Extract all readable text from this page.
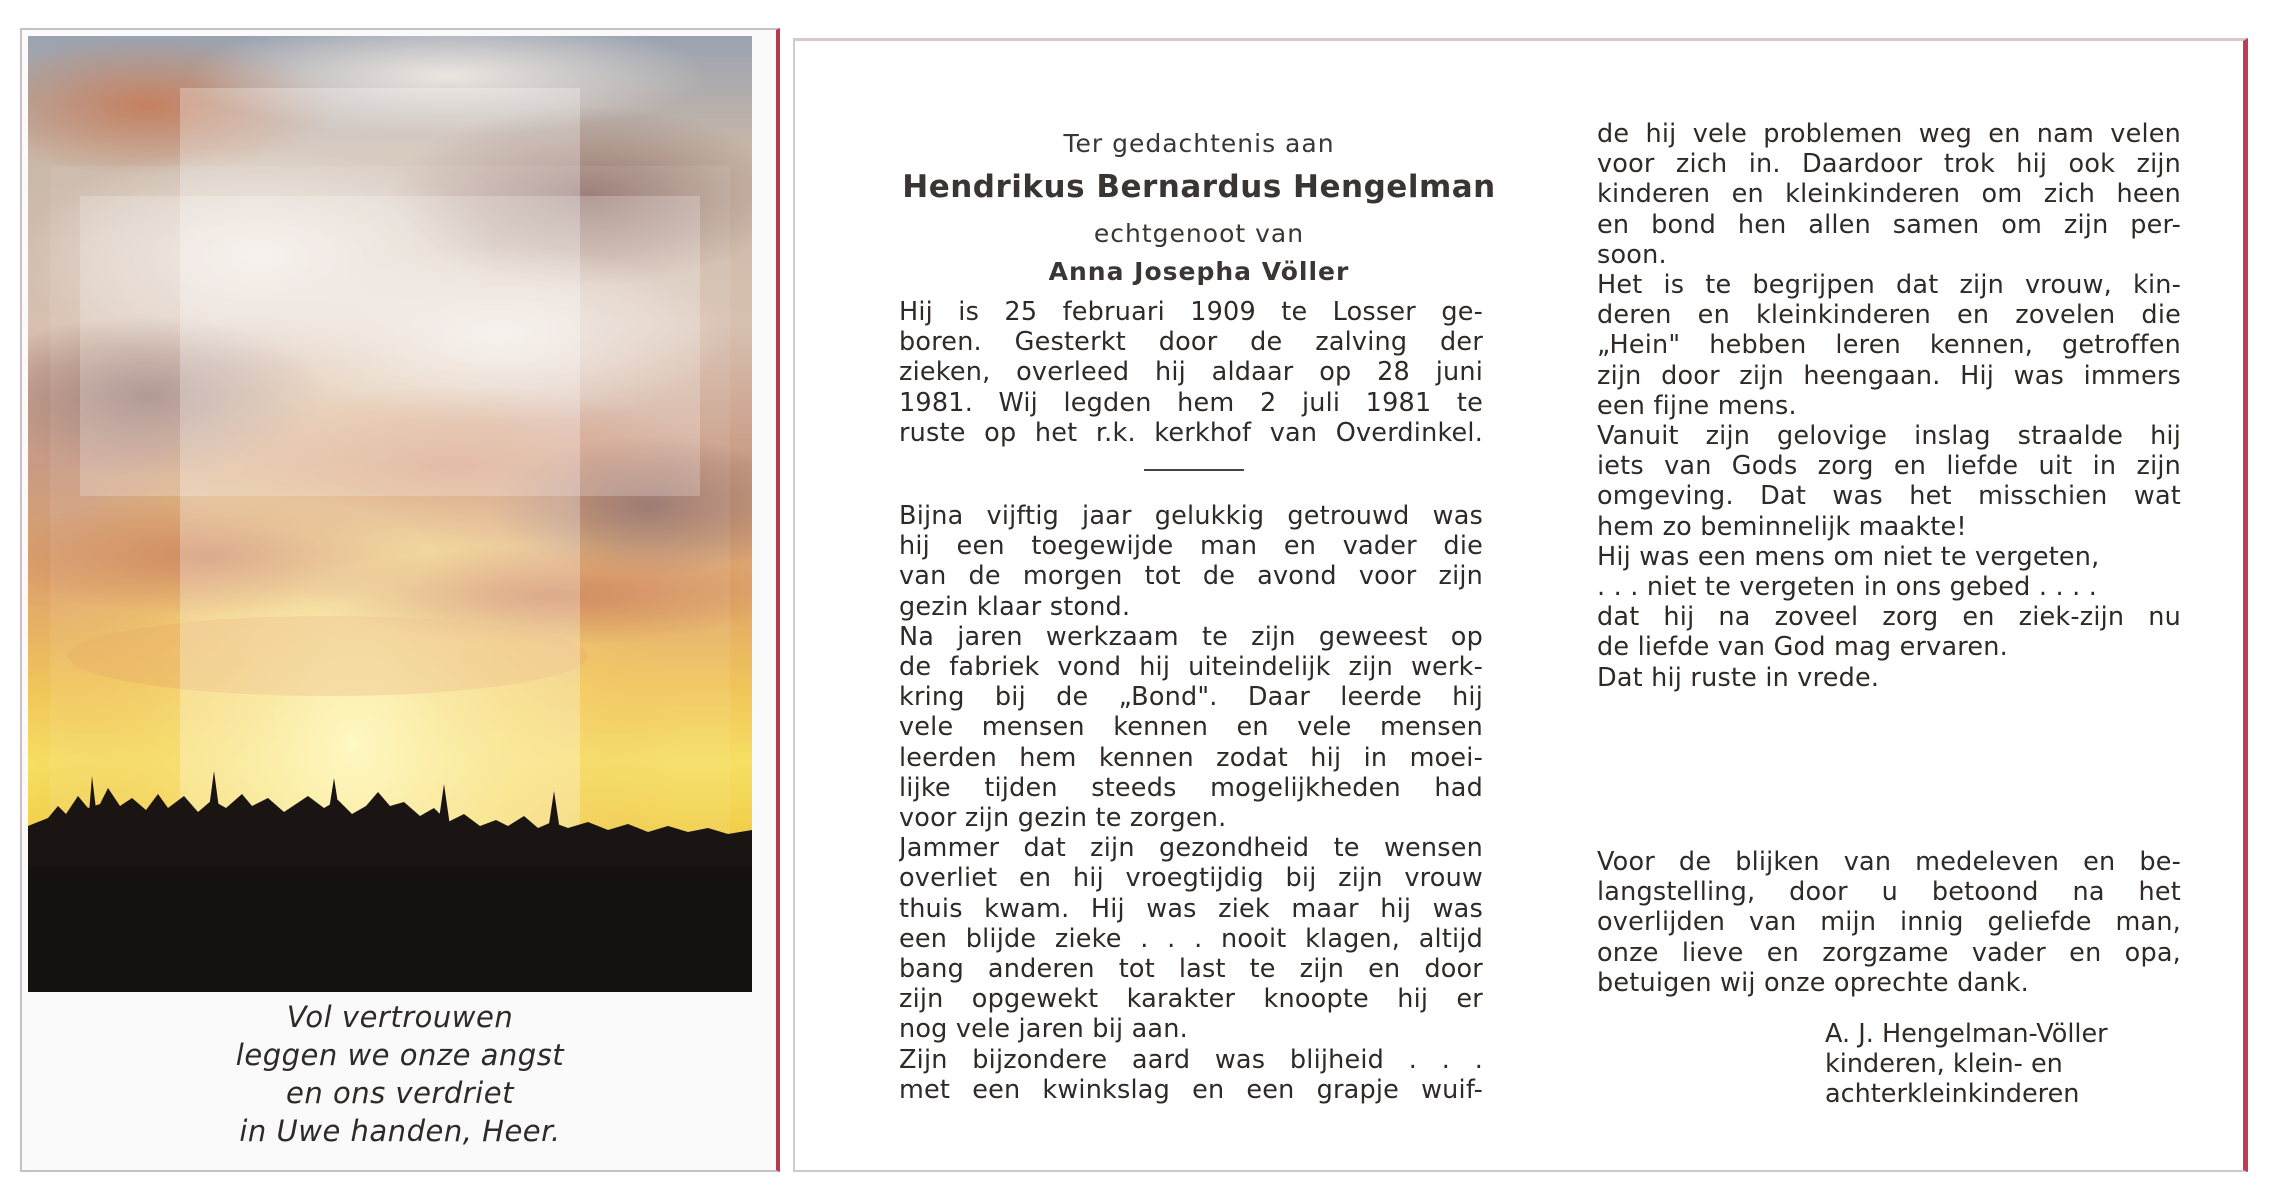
Vol vertrouwen
leggen we onze angst
en ons verdriet
in Uwe handen, Heer.
Ter gedachtenis aan
Hendrikus Bernardus Hengelman
echtgenoot van
Anna Josepha Völler
Hij is 25 februari 1909 te Losser ge-
boren. Gesterkt door de zalving der
zieken, overleed hij aldaar op 28 juni
1981. Wij legden hem 2 juli 1981 te
ruste op het r.k. kerkhof van Overdinkel.
Bijna vijftig jaar gelukkig getrouwd was
hij een toegewijde man en vader die
van de morgen tot de avond voor zijn
gezin klaar stond.
Na jaren werkzaam te zijn geweest op
de fabriek vond hij uiteindelijk zijn werk-
kring bij de „Bond". Daar leerde hij
vele mensen kennen en vele mensen
leerden hem kennen zodat hij in moei-
lijke tijden steeds mogelijkheden had
voor zijn gezin te zorgen.
Jammer dat zijn gezondheid te wensen
overliet en hij vroegtijdig bij zijn vrouw
thuis kwam. Hij was ziek maar hij was
een blijde zieke . . . nooit klagen, altijd
bang anderen tot last te zijn en door
zijn opgewekt karakter knoopte hij er
nog vele jaren bij aan.
Zijn bijzondere aard was blijheid . . .
met een kwinkslag en een grapje wuif-
de hij vele problemen weg en nam velen
voor zich in. Daardoor trok hij ook zijn
kinderen en kleinkinderen om zich heen
en bond hen allen samen om zijn per-
soon.
Het is te begrijpen dat zijn vrouw, kin-
deren en kleinkinderen en zovelen die
„Hein" hebben leren kennen, getroffen
zijn door zijn heengaan. Hij was immers
een fijne mens.
Vanuit zijn gelovige inslag straalde hij
iets van Gods zorg en liefde uit in zijn
omgeving. Dat was het misschien wat
hem zo beminnelijk maakte!
Hij was een mens om niet te vergeten,
. . . niet te vergeten in ons gebed . . . .
dat hij na zoveel zorg en ziek-zijn nu
de liefde van God mag ervaren.
Dat hij ruste in vrede.
Voor de blijken van medeleven en be-
langstelling, door u betoond na het
overlijden van mijn innig geliefde man,
onze lieve en zorgzame vader en opa,
betuigen wij onze oprechte dank.
A. J. Hengelman-Völler
kinderen, klein- en
achterkleinkinderen
